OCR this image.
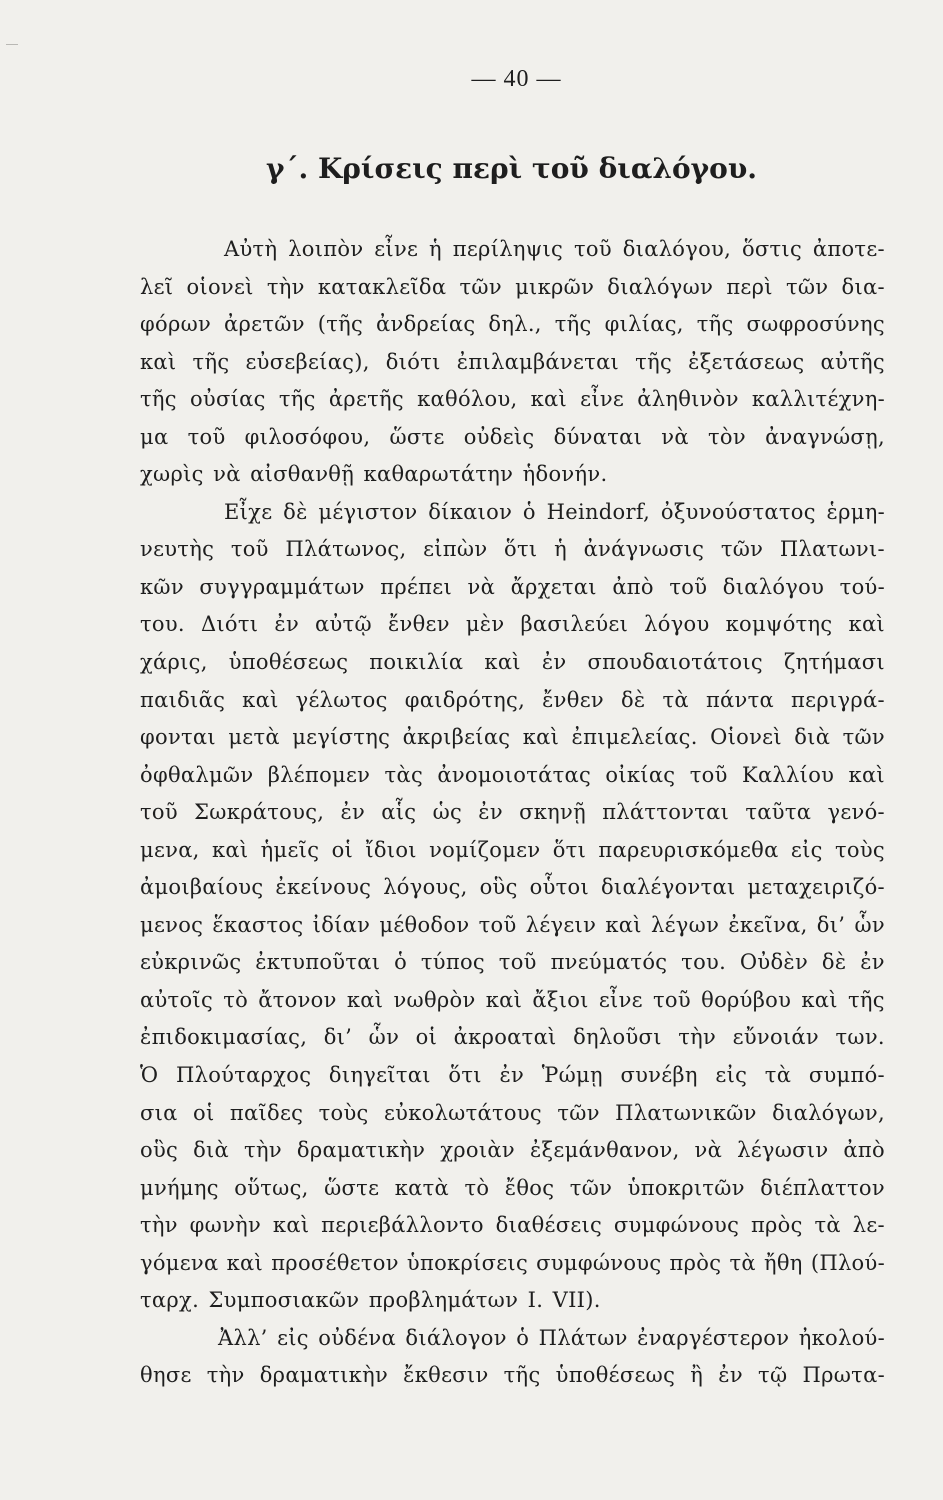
— 40 —
γ΄. Κρίσεις περὶ τοῦ διαλόγου.
Αὐτὴ λοιπὸν εἶνε ἡ περίληψις τοῦ διαλόγου, ὅστις ἀποτε-
λεῖ οἱονεὶ τὴν κατακλεῖδα τῶν μικρῶν διαλόγων περὶ τῶν δια-
φόρων ἀρετῶν (τῆς ἀνδρείας δηλ., τῆς φιλίας, τῆς σωφροσύνης
καὶ τῆς εὐσεβείας), διότι ἐπιλαμβάνεται τῆς ἐξετάσεως αὐτῆς
τῆς οὐσίας τῆς ἀρετῆς καθόλου, καὶ εἶνε ἀληθινὸν καλλιτέχνη-
μα τοῦ φιλοσόφου, ὥστε οὐδεὶς δύναται νὰ τὸν ἀναγνώσῃ,
χωρὶς νὰ αἰσθανθῇ καθαρωτάτην ἡδονήν.
Εἶχε δὲ μέγιστον δίκαιον ὁ Heindorf, ὀξυνούστατος ἑρμη-
νευτὴς τοῦ Πλάτωνος, εἰπὼν ὅτι ἡ ἀνάγνωσις τῶν Πλατωνι-
κῶν συγγραμμάτων πρέπει νὰ ἄρχεται ἀπὸ τοῦ διαλόγου τού-
του. Διότι ἐν αὐτῷ ἔνθεν μὲν βασιλεύει λόγου κομψότης καὶ
χάρις, ὑποθέσεως ποικιλία καὶ ἐν σπουδαιοτάτοις ζητήμασι
παιδιᾶς καὶ γέλωτος φαιδρότης, ἔνθεν δὲ τὰ πάντα περιγρά-
φονται μετὰ μεγίστης ἀκριβείας καὶ ἐπιμελείας. Οἱονεὶ διὰ τῶν
ὀφθαλμῶν βλέπομεν τὰς ἀνομοιοτάτας οἰκίας τοῦ Καλλίου καὶ
τοῦ Σωκράτους, ἐν αἷς ὡς ἐν σκηνῇ πλάττονται ταῦτα γενό-
μενα, καὶ ἡμεῖς οἱ ἴδιοι νομίζομεν ὅτι παρευρισκόμεθα εἰς τοὺς
ἀμοιβαίους ἐκείνους λόγους, οὓς οὗτοι διαλέγονται μεταχειριζό-
μενος ἕκαστος ἰδίαν μέθοδον τοῦ λέγειν καὶ λέγων ἐκεῖνα, δι’ ὧν
εὐκρινῶς ἐκτυποῦται ὁ τύπος τοῦ πνεύματός του. Οὐδὲν δὲ ἐν
αὐτοῖς τὸ ἄτονον καὶ νωθρὸν καὶ ἄξιοι εἶνε τοῦ θορύβου καὶ τῆς
ἐπιδοκιμασίας, δι’ ὧν οἱ ἀκροαταὶ δηλοῦσι τὴν εὔνοιάν των.
Ὁ Πλούταρχος διηγεῖται ὅτι ἐν Ῥώμῃ συνέβη εἰς τὰ συμπό-
σια οἱ παῖδες τοὺς εὐκολωτάτους τῶν Πλατωνικῶν διαλόγων,
οὓς διὰ τὴν δραματικὴν χροιὰν ἐξεμάνθανον, νὰ λέγωσιν ἀπὸ
μνήμης οὕτως, ὥστε κατὰ τὸ ἔθος τῶν ὑποκριτῶν διέπλαττον
τὴν φωνὴν καὶ περιεβάλλοντο διαθέσεις συμφώνους πρὸς τὰ λε-
γόμενα καὶ προσέθετον ὑποκρίσεις συμφώνους πρὸς τὰ ἤθη (Πλού-
ταρχ. Συμποσιακῶν προβλημάτων I. VII).
Ἀλλ’ εἰς οὐδένα διάλογον ὁ Πλάτων ἐναργέστερον ἠκολού-
θησε τὴν δραματικὴν ἔκθεσιν τῆς ὑποθέσεως ἢ ἐν τῷ Πρωτα-
